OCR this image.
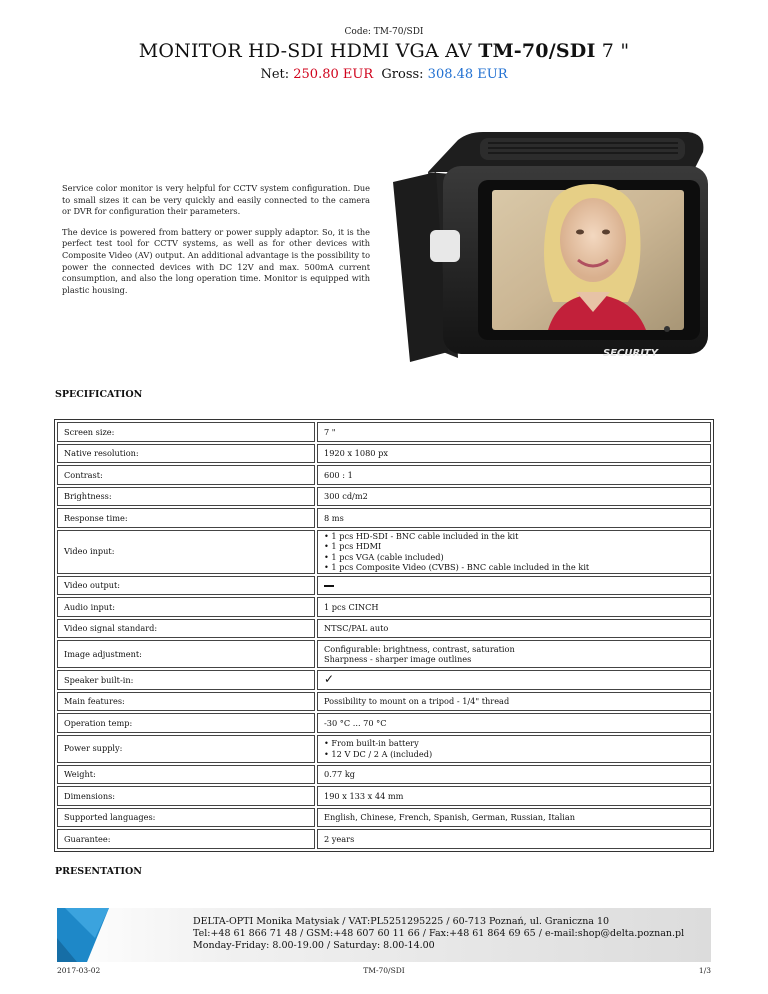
Code: TM-70/SDI
MONITOR HD-SDI HDMI VGA AV TM-70/SDI 7 "
Net: 250.80 EUR  Gross: 308.48 EUR

Service color monitor is very helpful for CCTV system configuration. Due to small sizes it can be very quickly and easily connected to the camera or DVR for configuration their parameters.

The device is powered from battery or power supply adaptor. So, it is the perfect test tool for CCTV systems, as well as for other devices with Composite Video (AV) output. An additional advantage is the possibility to power the connected devices with DC 12V and max. 500mA current consumption, and also the long operation time. Monitor is equipped with plastic housing.

SECURITY
SPECIFICATION
Screen size:	7 "
Native resolution:	1920 x 1080 px
Contrast:	600 : 1
Brightness:	300 cd/m2
Response time:	8 ms
Video input:	• 1 pcs HD-SDI - BNC cable included in the kit
• 1 pcs HDMI
• 1 pcs VGA (cable included)
• 1 pcs Composite Video (CVBS) - BNC cable included in the kit

Video output:	
Audio input:	1 pcs CINCH
Video signal standard:	NTSC/PAL auto
Image adjustment:	Configurable: brightness, contrast, saturation
Sharpness - sharper image outlines

Speaker built-in:	✓
Main features:	Possibility to mount on a tripod - 1/4" thread
Operation temp:	-30 °C ... 70 °C
Power supply:	• From built-in battery
• 12 V DC / 2 A (included)

Weight:	0.77 kg
Dimensions:	190 x 133 x 44 mm
Supported languages:	English, Chinese, French, Spanish, German, Russian, Italian
Guarantee:	2 years
PRESENTATION
DELTA-OPTI Monika Matysiak / VAT:PL5251295225 / 60-713 Poznań, ul. Graniczna 10
Tel:+48 61 866 71 48 / GSM:+48 607 60 11 66 / Fax:+48 61 864 69 65 / e-mail:shop@delta.poznan.pl
Monday-Friday: 8.00-19.00 / Saturday: 8.00-14.00
2017-03-02	TM-70/SDI	1/3
